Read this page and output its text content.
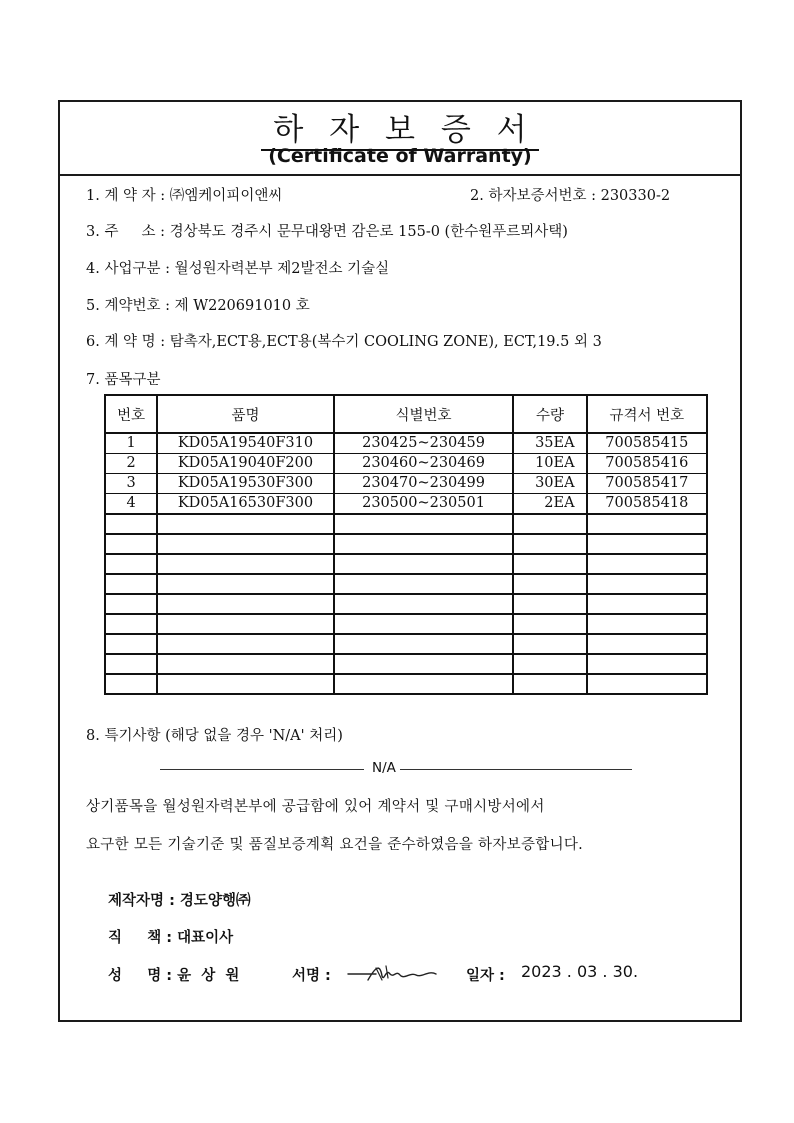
하 자 보 증 서
(Certificate of Warranty)
1. 계 약 자 : ㈜엠케이피이앤씨	2. 하자보증서번호 : 230330-2
3. 주     소 : 경상북도 경주시 문무대왕면 감은로 155-0 (한수원푸르뫼사택)
4. 사업구분 : 월성원자력본부 제2발전소 기술실
5. 계약번호 : 제 W220691010 호
6. 계 약 명 : 탐촉자,ECT용,ECT용(복수기 COOLING ZONE), ECT,19.5 외 3
7. 품목구분
번호	품명	식별번호	수량	규격서 번호
1	KD05A19540F310	230425~230459	35EA	700585415
2	KD05A19040F200	230460~230469	10EA	700585416
3	KD05A19530F300	230470~230499	30EA	700585417
4	KD05A16530F300	230500~230501	2EA	700585418

8. 특기사항 (해당 없을 경우 'N/A' 처리)
N/A
상기품목을 월성원자력본부에 공급함에 있어 계약서 및 구매시방서에서
요구한 모든 기술기준 및 품질보증계획 요건을 준수하였음을 하자보증합니다.
제작자명 : 경도양행㈜
직     책 : 대표이사
성     명 : 윤  상  원	서명 :	일자 : 2023 . 03 . 30.
